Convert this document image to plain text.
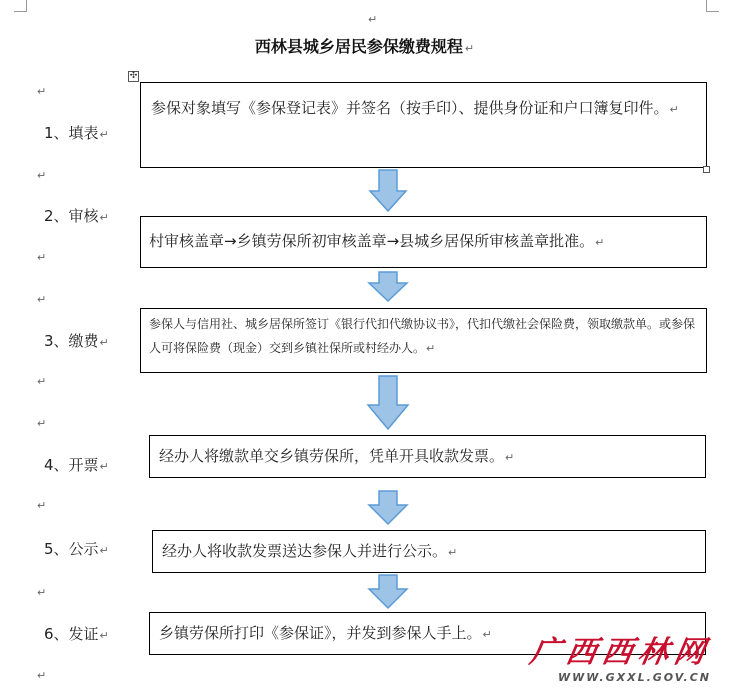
↵
↵
↵
↵
↵
↵
↵
↵
↵
↵
西林县城乡居民参保缴费规程 ↵
1、填表↵
2、审核↵
3、缴费↵
4、开票↵
5、公示↵
6、发证↵
参保对象填写《参保登记表》并签名（按手印）、提供身份证和户口簿复印件。↵
✣
村审核盖章→乡镇劳保所初审核盖章→县城乡居保所审核盖章批准。↵
参保人与信用社、城乡居保所签订《银行代扣代缴协议书》，代扣代缴社会保险费，领取缴款单。或参保人可将保险费（现金）交到乡镇社保所或村经办人。↵
经办人将缴款单交乡镇劳保所，凭单开具收款发票。↵
经办人将收款发票送达参保人并进行公示。↵
乡镇劳保所打印《参保证》，并发到参保人手上。↵
广西西林网
WWW.GXXL.GOV.CN
